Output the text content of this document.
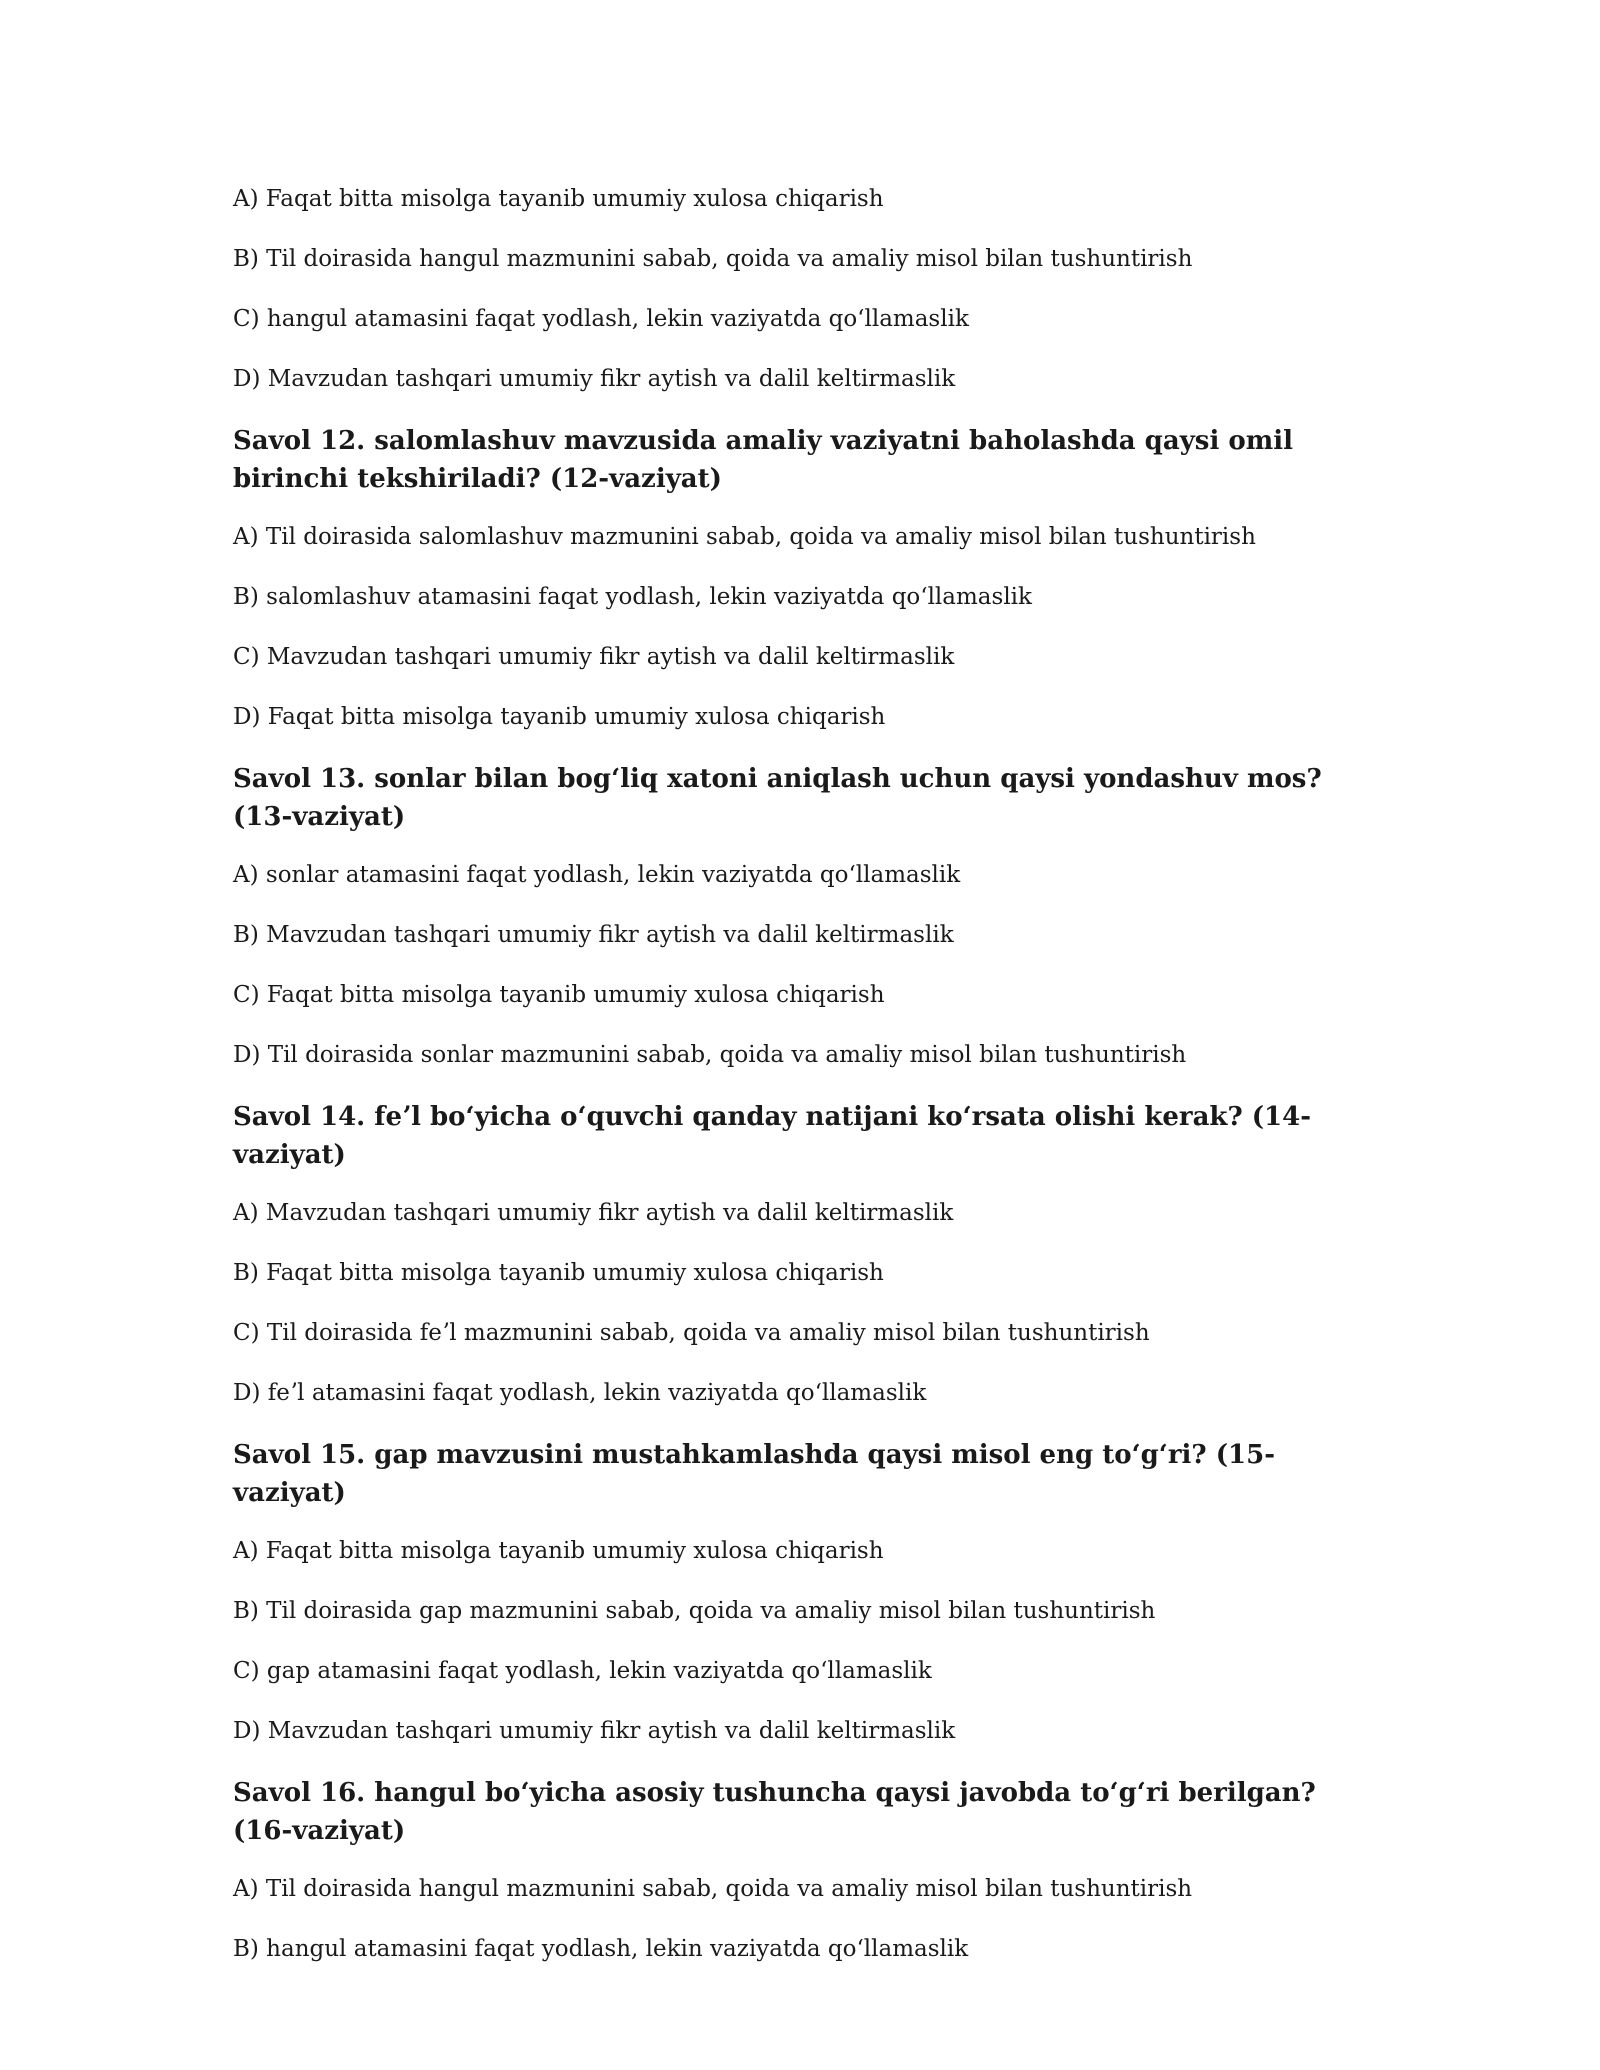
A) Faqat bitta misolga tayanib umumiy xulosa chiqarish

B) Til doirasida hangul mazmunini sabab, qoida va amaliy misol bilan tushuntirish

C) hangul atamasini faqat yodlash, lekin vaziyatda qoʻllamaslik

D) Mavzudan tashqari umumiy fikr aytish va dalil keltirmaslik

Savol 12. salomlashuv mavzusida amaliy vaziyatni baholashda qaysi omil birinchi tekshiriladi? (12-vaziyat)

A) Til doirasida salomlashuv mazmunini sabab, qoida va amaliy misol bilan tushuntirish

B) salomlashuv atamasini faqat yodlash, lekin vaziyatda qoʻllamaslik

C) Mavzudan tashqari umumiy fikr aytish va dalil keltirmaslik

D) Faqat bitta misolga tayanib umumiy xulosa chiqarish

Savol 13. sonlar bilan bogʻliq xatoni aniqlash uchun qaysi yondashuv mos? (13-vaziyat)

A) sonlar atamasini faqat yodlash, lekin vaziyatda qoʻllamaslik

B) Mavzudan tashqari umumiy fikr aytish va dalil keltirmaslik

C) Faqat bitta misolga tayanib umumiy xulosa chiqarish

D) Til doirasida sonlar mazmunini sabab, qoida va amaliy misol bilan tushuntirish

Savol 14. feʼl boʻyicha oʻquvchi qanday natijani koʻrsata olishi kerak? (14-vaziyat)

A) Mavzudan tashqari umumiy fikr aytish va dalil keltirmaslik

B) Faqat bitta misolga tayanib umumiy xulosa chiqarish

C) Til doirasida feʼl mazmunini sabab, qoida va amaliy misol bilan tushuntirish

D) feʼl atamasini faqat yodlash, lekin vaziyatda qoʻllamaslik

Savol 15. gap mavzusini mustahkamlashda qaysi misol eng toʻgʻri? (15-vaziyat)

A) Faqat bitta misolga tayanib umumiy xulosa chiqarish

B) Til doirasida gap mazmunini sabab, qoida va amaliy misol bilan tushuntirish

C) gap atamasini faqat yodlash, lekin vaziyatda qoʻllamaslik

D) Mavzudan tashqari umumiy fikr aytish va dalil keltirmaslik

Savol 16. hangul boʻyicha asosiy tushuncha qaysi javobda toʻgʻri berilgan? (16-vaziyat)

A) Til doirasida hangul mazmunini sabab, qoida va amaliy misol bilan tushuntirish

B) hangul atamasini faqat yodlash, lekin vaziyatda qoʻllamaslik
